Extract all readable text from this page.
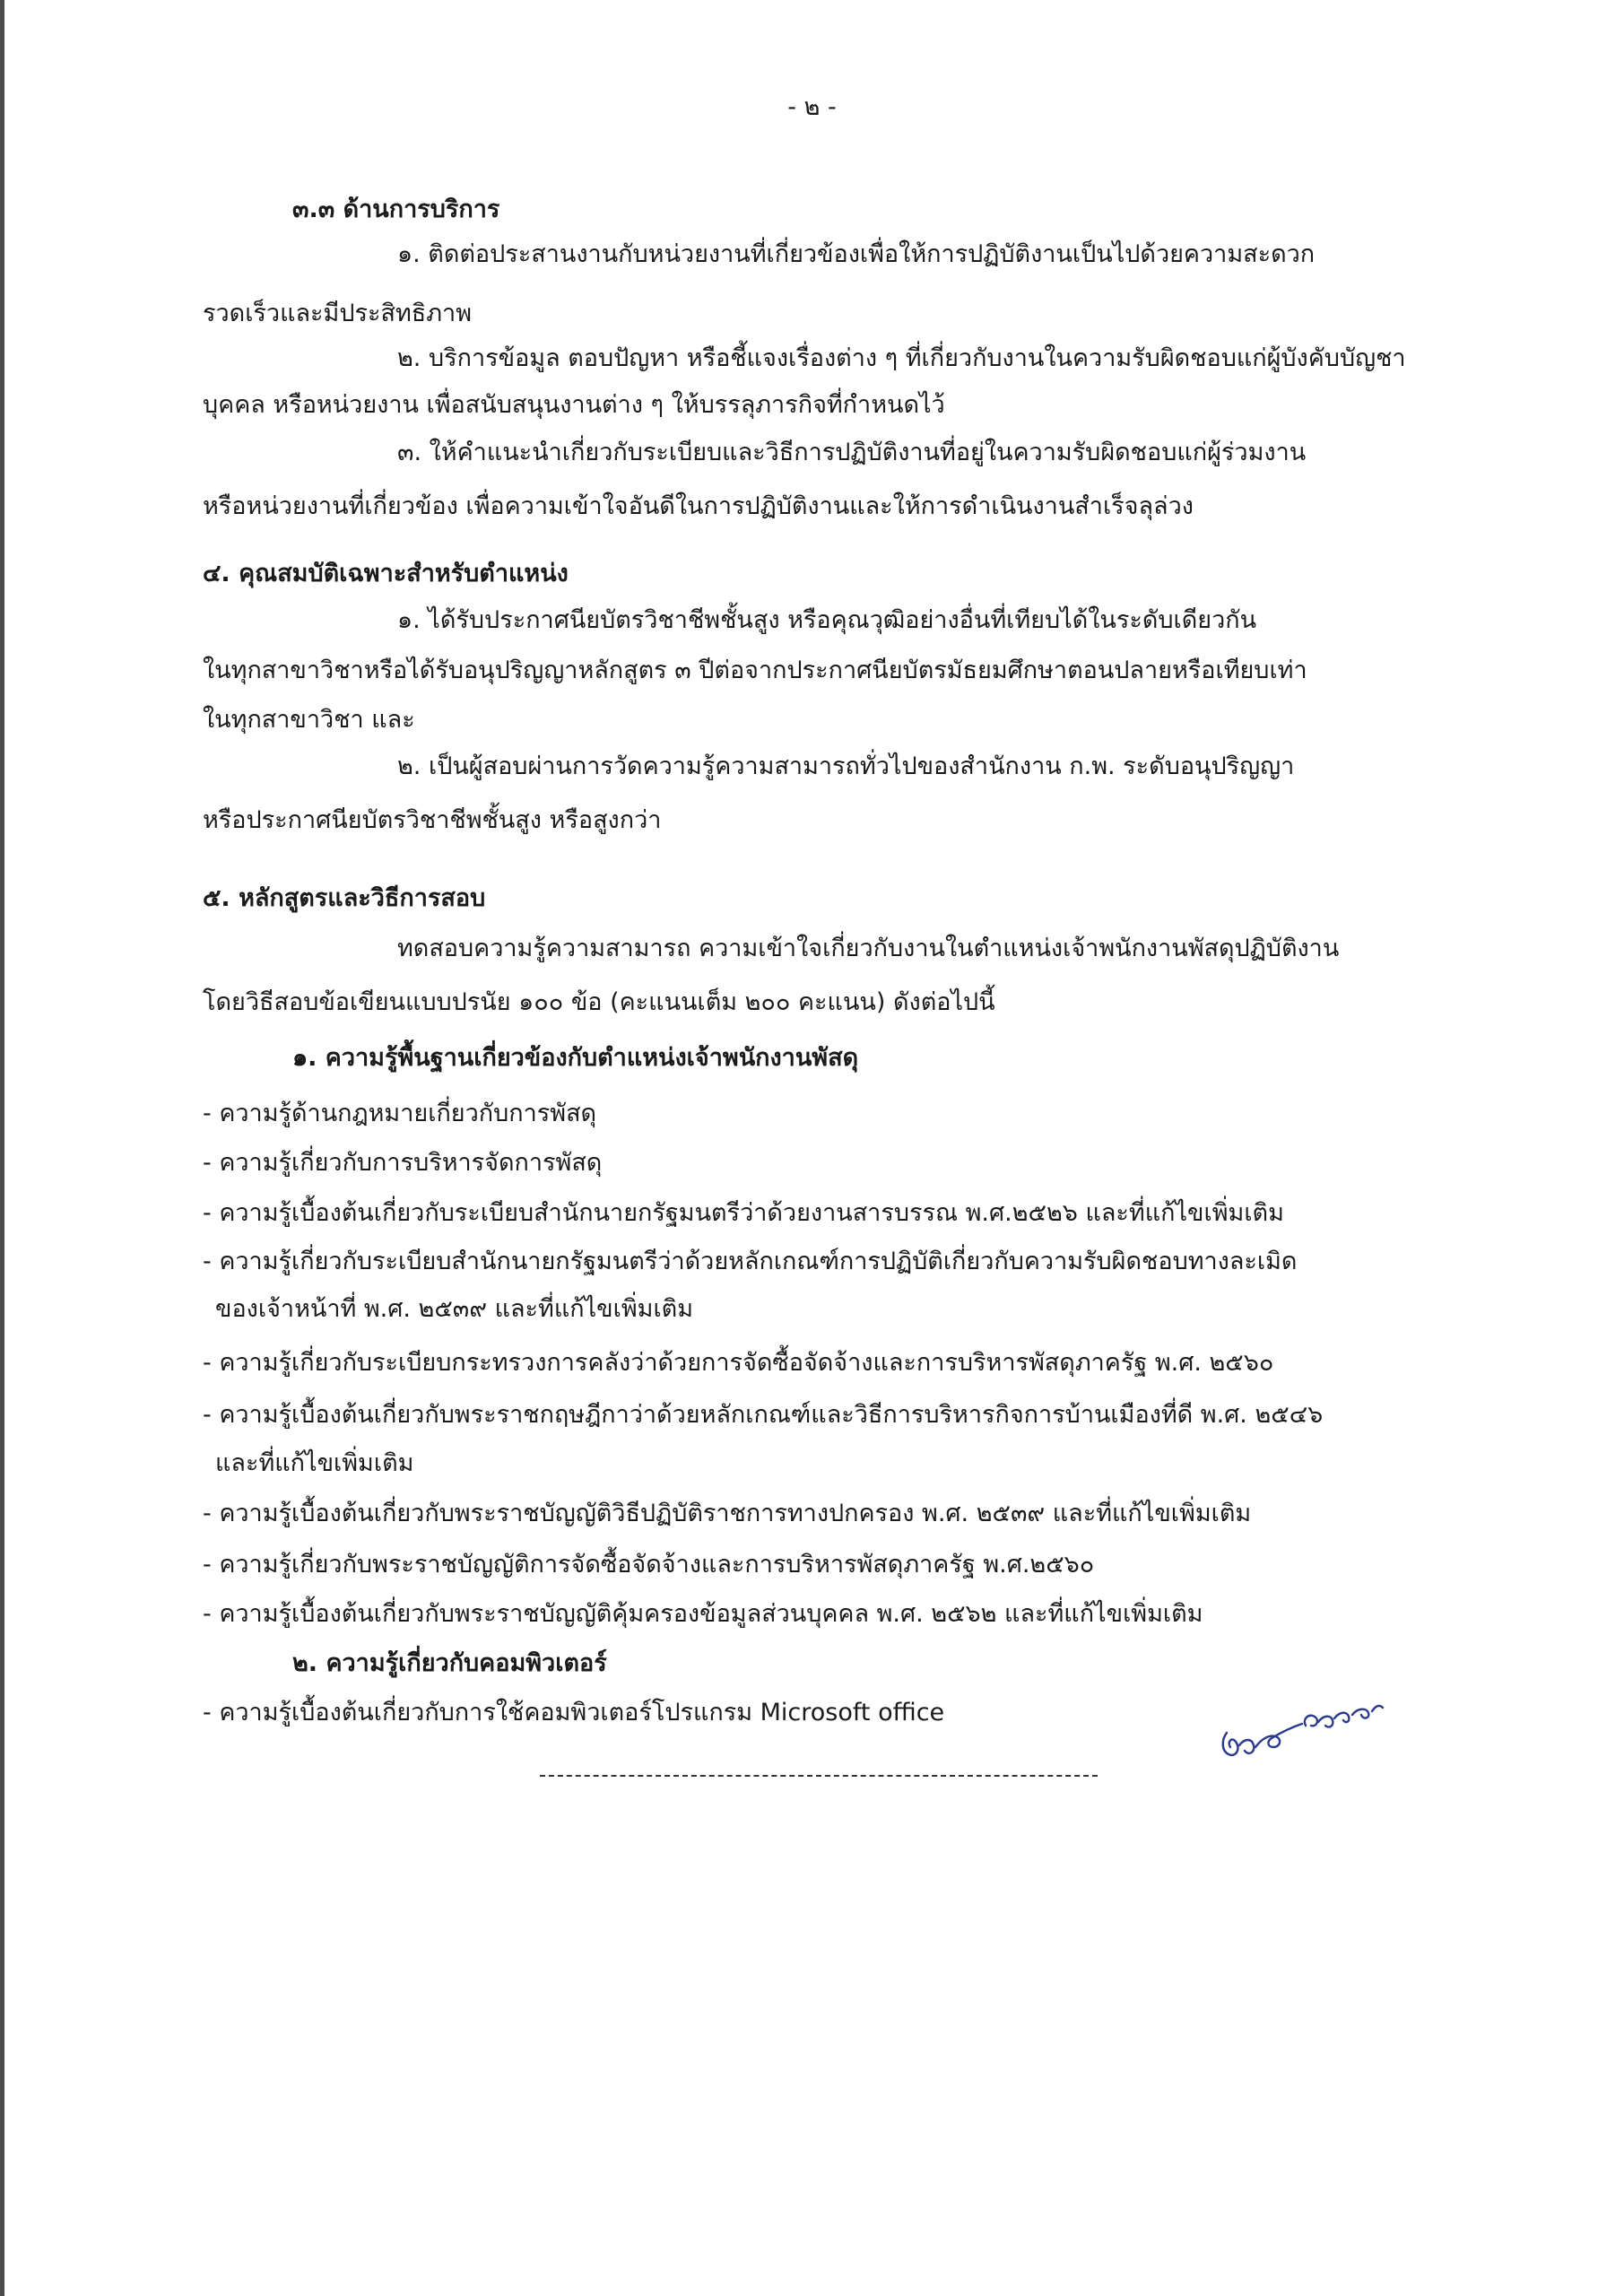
- ๒ -
๓.๓ ด้านการบริการ
๑. ติดต่อประสานงานกับหน่วยงานที่เกี่ยวข้องเพื่อให้การปฏิบัติงานเป็นไปด้วยความสะดวก
รวดเร็วและมีประสิทธิภาพ
๒. บริการข้อมูล ตอบปัญหา หรือชี้แจงเรื่องต่าง ๆ ที่เกี่ยวกับงานในความรับผิดชอบแก่ผู้บังคับบัญชา
บุคคล หรือหน่วยงาน เพื่อสนับสนุนงานต่าง ๆ ให้บรรลุภารกิจที่กำหนดไว้
๓. ให้คำแนะนำเกี่ยวกับระเบียบและวิธีการปฏิบัติงานที่อยู่ในความรับผิดชอบแก่ผู้ร่วมงาน
หรือหน่วยงานที่เกี่ยวข้อง เพื่อความเข้าใจอันดีในการปฏิบัติงานและให้การดำเนินงานสำเร็จลุล่วง
๔. คุณสมบัติเฉพาะสำหรับตำแหน่ง
๑. ได้รับประกาศนียบัตรวิชาชีพชั้นสูง หรือคุณวุฒิอย่างอื่นที่เทียบได้ในระดับเดียวกัน
ในทุกสาขาวิชาหรือได้รับอนุปริญญาหลักสูตร ๓ ปีต่อจากประกาศนียบัตรมัธยมศึกษาตอนปลายหรือเทียบเท่า
ในทุกสาขาวิชา และ
๒. เป็นผู้สอบผ่านการวัดความรู้ความสามารถทั่วไปของสำนักงาน ก.พ. ระดับอนุปริญญา
หรือประกาศนียบัตรวิชาชีพชั้นสูง หรือสูงกว่า
๕. หลักสูตรและวิธีการสอบ
ทดสอบความรู้ความสามารถ ความเข้าใจเกี่ยวกับงานในตำแหน่งเจ้าพนักงานพัสดุปฏิบัติงาน
โดยวิธีสอบข้อเขียนแบบปรนัย ๑๐๐ ข้อ (คะแนนเต็ม ๒๐๐ คะแนน) ดังต่อไปนี้
๑. ความรู้พื้นฐานเกี่ยวข้องกับตำแหน่งเจ้าพนักงานพัสดุ
- ความรู้ด้านกฎหมายเกี่ยวกับการพัสดุ
- ความรู้เกี่ยวกับการบริหารจัดการพัสดุ
- ความรู้เบื้องต้นเกี่ยวกับระเบียบสำนักนายกรัฐมนตรีว่าด้วยงานสารบรรณ พ.ศ.๒๕๒๖ และที่แก้ไขเพิ่มเติม
- ความรู้เกี่ยวกับระเบียบสำนักนายกรัฐมนตรีว่าด้วยหลักเกณฑ์การปฏิบัติเกี่ยวกับความรับผิดชอบทางละเมิด
ของเจ้าหน้าที่ พ.ศ. ๒๕๓๙ และที่แก้ไขเพิ่มเติม
- ความรู้เกี่ยวกับระเบียบกระทรวงการคลังว่าด้วยการจัดซื้อจัดจ้างและการบริหารพัสดุภาครัฐ พ.ศ. ๒๕๖๐
- ความรู้เบื้องต้นเกี่ยวกับพระราชกฤษฎีกาว่าด้วยหลักเกณฑ์และวิธีการบริหารกิจการบ้านเมืองที่ดี พ.ศ. ๒๕๔๖
และที่แก้ไขเพิ่มเติม
- ความรู้เบื้องต้นเกี่ยวกับพระราชบัญญัติวิธีปฏิบัติราชการทางปกครอง พ.ศ. ๒๕๓๙ และที่แก้ไขเพิ่มเติม
- ความรู้เกี่ยวกับพระราชบัญญัติการจัดซื้อจัดจ้างและการบริหารพัสดุภาครัฐ พ.ศ.๒๕๖๐
- ความรู้เบื้องต้นเกี่ยวกับพระราชบัญญัติคุ้มครองข้อมูลส่วนบุคคล พ.ศ. ๒๕๖๒ และที่แก้ไขเพิ่มเติม
๒. ความรู้เกี่ยวกับคอมพิวเตอร์
- ความรู้เบื้องต้นเกี่ยวกับการใช้คอมพิวเตอร์โปรแกรม Microsoft office
